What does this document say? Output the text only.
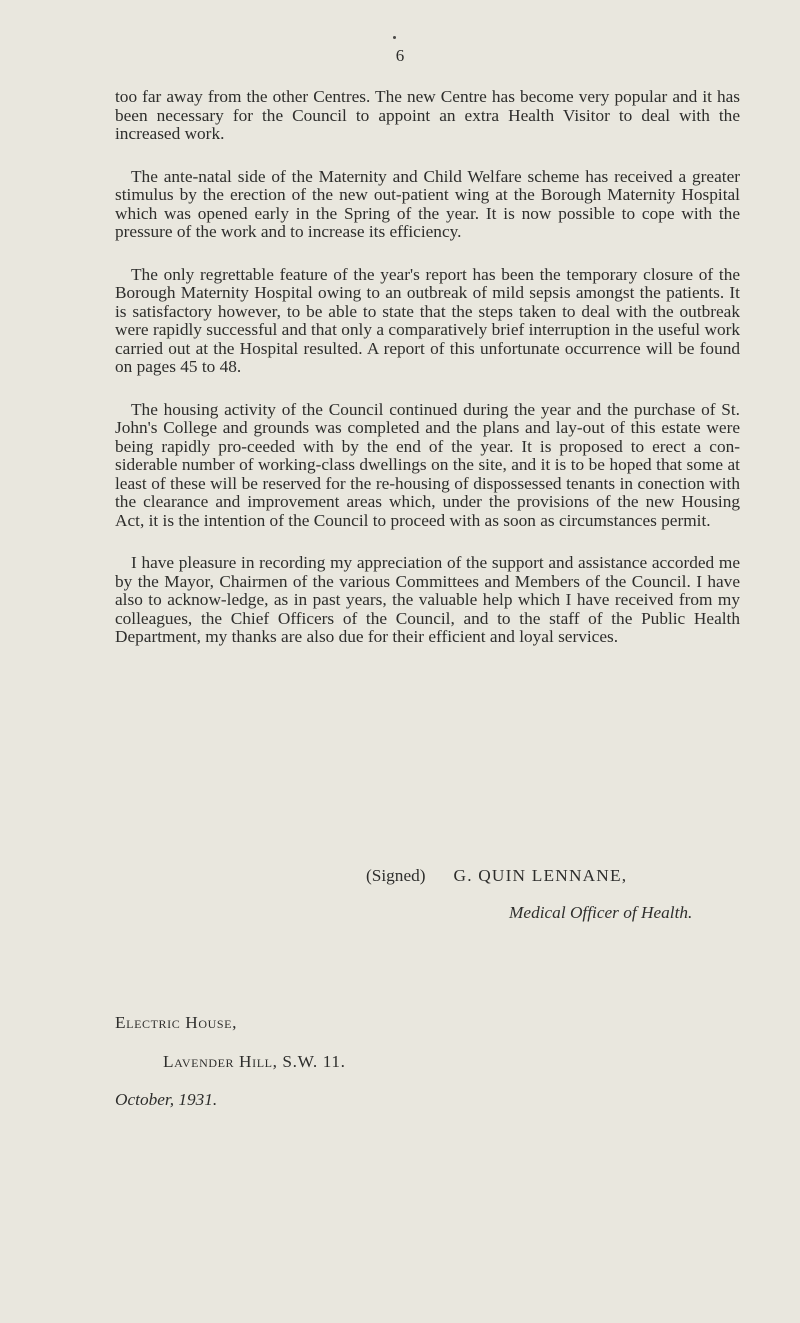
6

too far away from the other Centres. The new Centre has become very popular and it has been necessary for the Council to appoint an extra Health Visitor to deal with the increased work.

The ante-natal side of the Maternity and Child Welfare scheme has received a greater stimulus by the erection of the new out-patient wing at the Borough Maternity Hospital which was opened early in the Spring of the year. It is now possible to cope with the pressure of the work and to increase its efficiency.

The only regrettable feature of the year's report has been the temporary closure of the Borough Maternity Hospital owing to an outbreak of mild sepsis amongst the patients. It is satisfactory however, to be able to state that the steps taken to deal with the outbreak were rapidly successful and that only a comparatively brief interruption in the useful work carried out at the Hospital resulted. A report of this unfortunate occurrence will be found on pages 45 to 48.

The housing activity of the Council continued during the year and the purchase of St. John's College and grounds was completed and the plans and lay-out of this estate were being rapidly pro-ceeded with by the end of the year. It is proposed to erect a con-siderable number of working-class dwellings on the site, and it is to be hoped that some at least of these will be reserved for the re-housing of dispossessed tenants in conection with the clearance and improvement areas which, under the provisions of the new Housing Act, it is the intention of the Council to proceed with as soon as circumstances permit.

I have pleasure in recording my appreciation of the support and assistance accorded me by the Mayor, Chairmen of the various Committees and Members of the Council. I have also to acknow-ledge, as in past years, the valuable help which I have received from my colleagues, the Chief Officers of the Council, and to the staff of the Public Health Department, my thanks are also due for their efficient and loyal services.

(Signed) G. QUIN LENNANE,
Medical Officer of Health.
Electric House,
Lavender Hill, S.W. 11.
October, 1931.
